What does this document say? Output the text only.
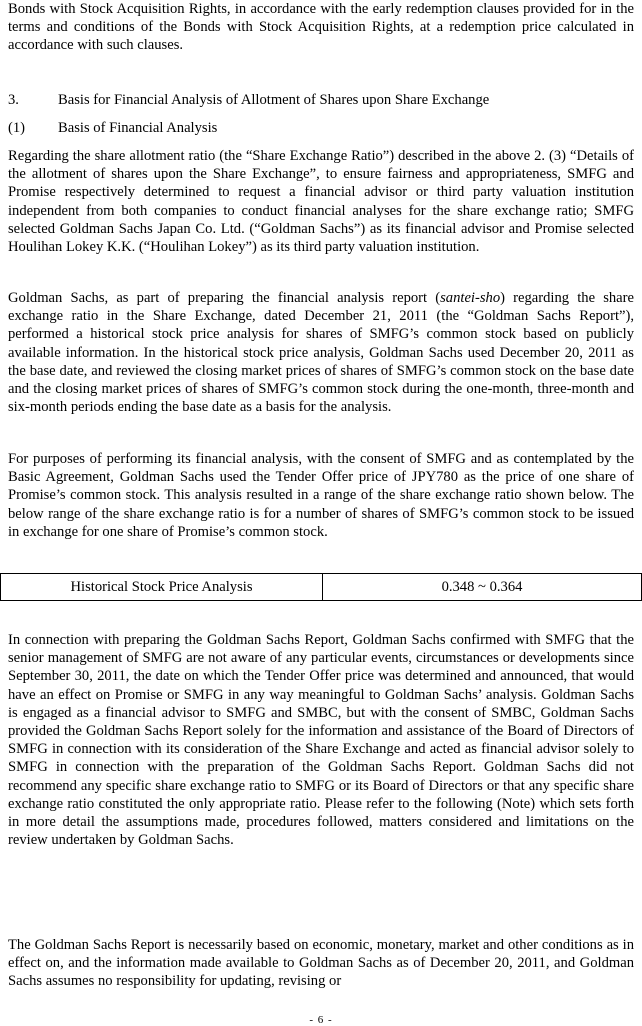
Bonds with Stock Acquisition Rights, in accordance with the early redemption clauses provided for in the terms and conditions of the Bonds with Stock Acquisition Rights, at a redemption price calculated in accordance with such clauses.

3.	Basis for Financial Analysis of Allotment of Shares upon Share Exchange

(1) Basis of Financial Analysis

Regarding the share allotment ratio (the “Share Exchange Ratio”) described in the above 2. (3) “Details of the allotment of shares upon the Share Exchange”, to ensure fairness and appropriateness, SMFG and Promise respectively determined to request a financial advisor or third party valuation institution independent from both companies to conduct financial analyses for the share exchange ratio; SMFG selected Goldman Sachs Japan Co. Ltd. (“Goldman Sachs”) as its financial advisor and Promise selected Houlihan Lokey K.K. (“Houlihan Lokey”) as its third party valuation institution.

Goldman Sachs, as part of preparing the financial analysis report (santei-sho) regarding the share exchange ratio in the Share Exchange, dated December 21, 2011 (the “Goldman Sachs Report”), performed a historical stock price analysis for shares of SMFG’s common stock based on publicly available information. In the historical stock price analysis, Goldman Sachs used December 20, 2011 as the base date, and reviewed the closing market prices of shares of SMFG’s common stock on the base date and the closing market prices of shares of SMFG’s common stock during the one-month, three-month and six-month periods ending the base date as a basis for the analysis.

For purposes of performing its financial analysis, with the consent of SMFG and as contemplated by the Basic Agreement, Goldman Sachs used the Tender Offer price of JPY780 as the price of one share of Promise’s common stock. This analysis resulted in a range of the share exchange ratio shown below. The below range of the share exchange ratio is for a number of shares of SMFG’s common stock to be issued in exchange for one share of Promise’s common stock.

Historical Stock Price Analysis	0.348 ~ 0.364

In connection with preparing the Goldman Sachs Report, Goldman Sachs confirmed with SMFG that the senior management of SMFG are not aware of any particular events, circumstances or developments since September 30, 2011, the date on which the Tender Offer price was determined and announced, that would have an effect on Promise or SMFG in any way meaningful to Goldman Sachs’ analysis. Goldman Sachs is engaged as a financial advisor to SMFG and SMBC, but with the consent of SMBC, Goldman Sachs provided the Goldman Sachs Report solely for the information and assistance of the Board of Directors of SMFG in connection with its consideration of the Share Exchange and acted as financial advisor solely to SMFG in connection with the preparation of the Goldman Sachs Report. Goldman Sachs did not recommend any specific share exchange ratio to SMFG or its Board of Directors or that any specific share exchange ratio constituted the only appropriate ratio. Please refer to the following (Note) which sets forth in more detail the assumptions made, procedures followed, matters considered and limitations on the review undertaken by Goldman Sachs.

The Goldman Sachs Report is necessarily based on economic, monetary, market and other conditions as in effect on, and the information made available to Goldman Sachs as of December 20, 2011, and Goldman Sachs assumes no responsibility for updating, revising or

- 6 -
